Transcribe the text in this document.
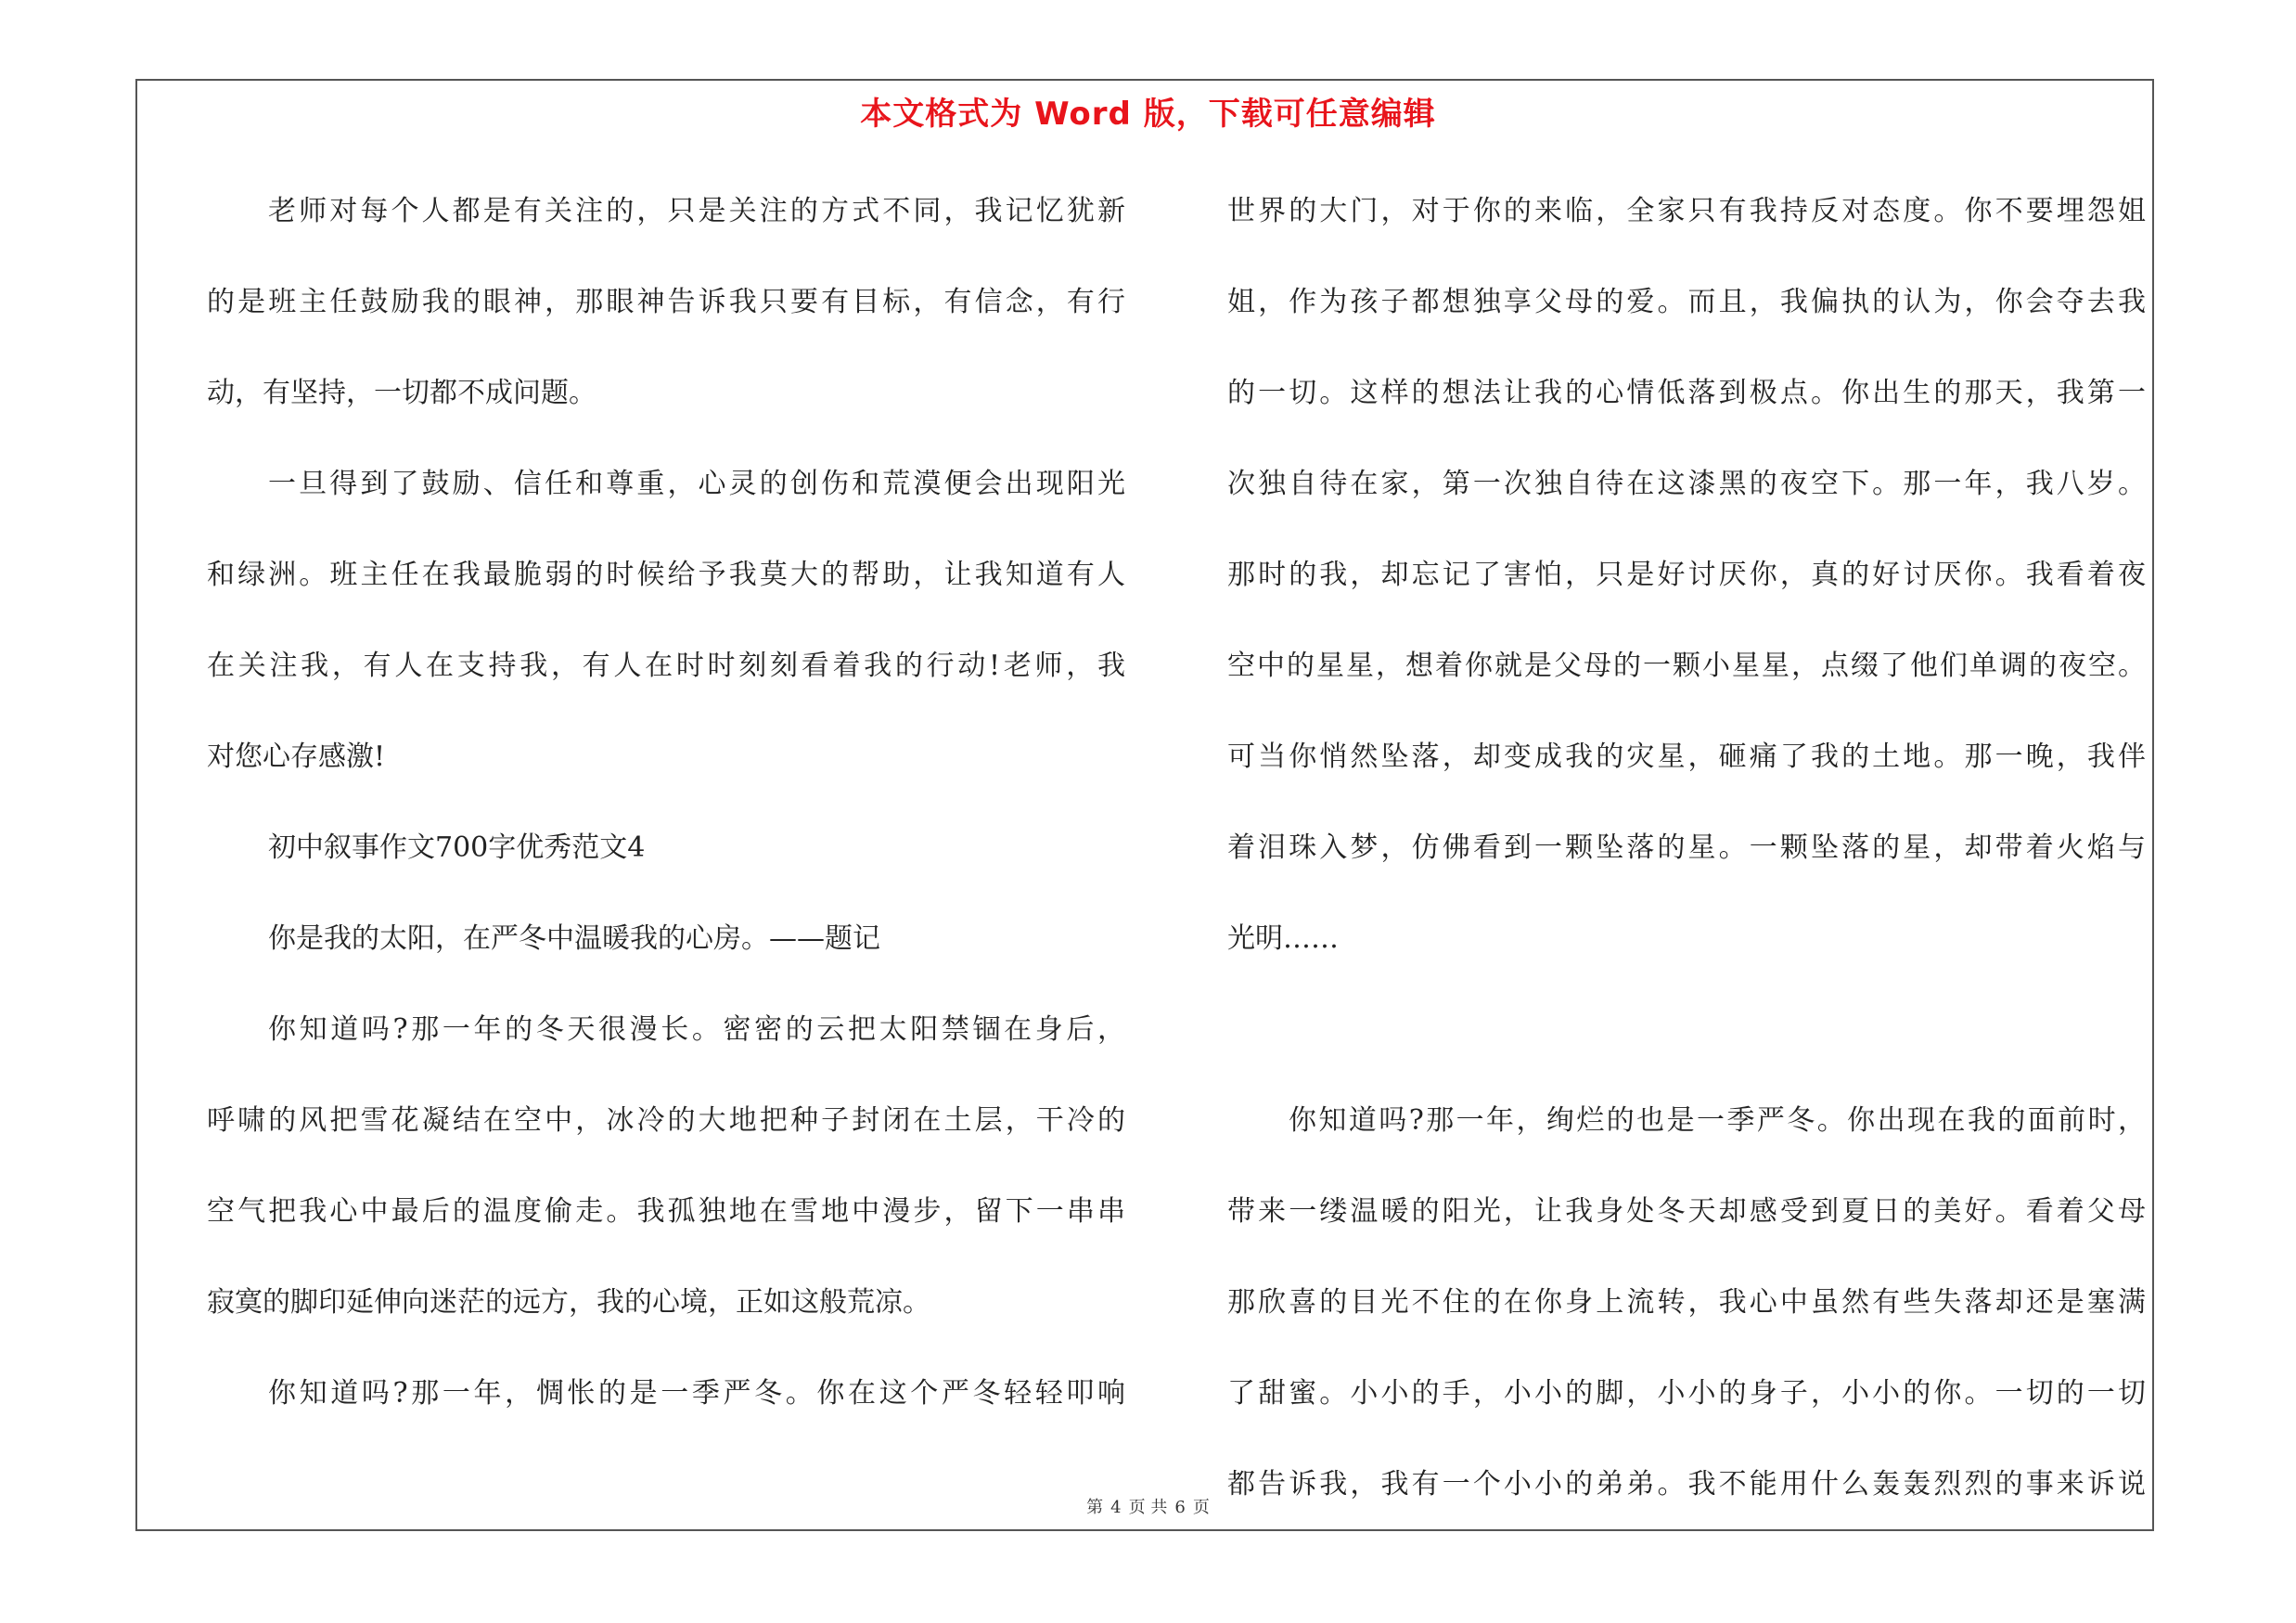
本文格式为 Word 版，下载可任意编辑
老师对每个人都是有关注的，只是关注的方式不同，我记忆犹新
的是班主任鼓励我的眼神，那眼神告诉我只要有目标，有信念，有行
动，有坚持，一切都不成问题。
一旦得到了鼓励、信任和尊重，心灵的创伤和荒漠便会出现阳光
和绿洲。班主任在我最脆弱的时候给予我莫大的帮助，让我知道有人
在关注我，有人在支持我，有人在时时刻刻看着我的行动!老师，我
对您心存感激!
初中叙事作文700字优秀范文4
你是我的太阳，在严冬中温暖我的心房。——题记
你知道吗?那一年的冬天很漫长。密密的云把太阳禁锢在身后，
呼啸的风把雪花凝结在空中，冰冷的大地把种子封闭在土层，干冷的
空气把我心中最后的温度偷走。我孤独地在雪地中漫步，留下一串串
寂寞的脚印延伸向迷茫的远方，我的心境，正如这般荒凉。
你知道吗?那一年，惆怅的是一季严冬。你在这个严冬轻轻叩响
世界的大门，对于你的来临，全家只有我持反对态度。你不要埋怨姐
姐，作为孩子都想独享父母的爱。而且，我偏执的认为，你会夺去我
的一切。这样的想法让我的心情低落到极点。你出生的那天，我第一
次独自待在家，第一次独自待在这漆黑的夜空下。那一年，我八岁。
那时的我，却忘记了害怕，只是好讨厌你，真的好讨厌你。我看着夜
空中的星星，想着你就是父母的一颗小星星，点缀了他们单调的夜空。
可当你悄然坠落，却变成我的灾星，砸痛了我的土地。那一晚，我伴
着泪珠入梦，仿佛看到一颗坠落的星。一颗坠落的星，却带着火焰与
光明……
你知道吗?那一年，绚烂的也是一季严冬。你出现在我的面前时，
带来一缕温暖的阳光，让我身处冬天却感受到夏日的美好。看着父母
那欣喜的目光不住的在你身上流转，我心中虽然有些失落却还是塞满
了甜蜜。小小的手，小小的脚，小小的身子，小小的你。一切的一切
都告诉我，我有一个小小的弟弟。我不能用什么轰轰烈烈的事来诉说
第 4 页 共 6 页
